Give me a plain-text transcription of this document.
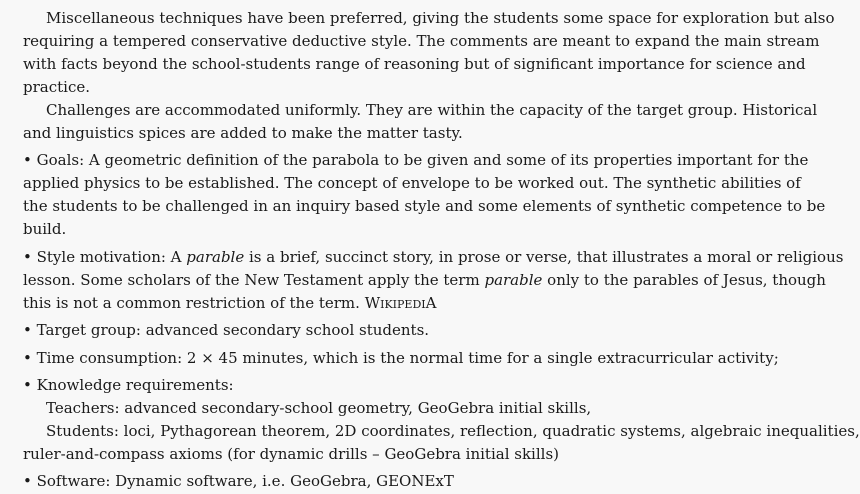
Miscellaneous techniques have been preferred, giving the students some space for exploration but also
requiring a tempered conservative deductive style. The comments are meant to expand the main stream
with facts beyond the school-students range of reasoning but of significant importance for science and
practice.
Challenges are accommodated uniformly. They are within the capacity of the target group. Historical
and linguistics spices are added to make the matter tasty.
• Goals: A geometric definition of the parabola to be given and some of its properties important for the
applied physics to be established. The concept of envelope to be worked out. The synthetic abilities of
the students to be challenged in an inquiry based style and some elements of synthetic competence to be
build.
• Style motivation: A parable is a brief, succinct story, in prose or verse, that illustrates a moral or religious
lesson. Some scholars of the New Testament apply the term parable only to the parables of Jesus, though
this is not a common restriction of the term. WikipediA
• Target group: advanced secondary school students.
• Time consumption: 2 × 45 minutes, which is the normal time for a single extracurricular activity;
• Knowledge requirements:
Teachers: advanced secondary-school geometry, GeoGebra initial skills,
Students: loci, Pythagorean theorem, 2D coordinates, reflection, quadratic systems, algebraic inequalities,
ruler-and-compass axioms (for dynamic drills – GeoGebra initial skills)
• Software: Dynamic software, i.e. GeoGebra, GEONExT
